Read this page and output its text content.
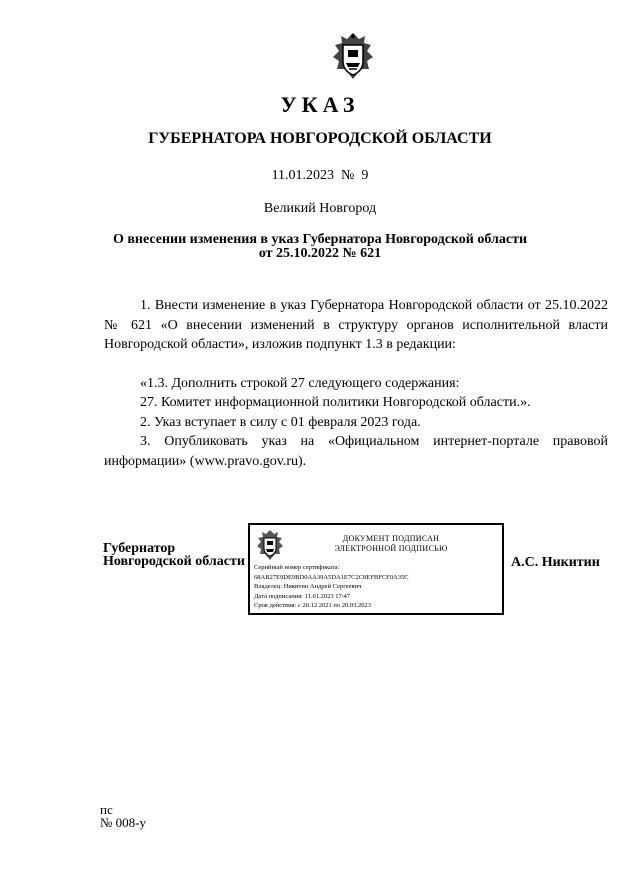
УКАЗ
ГУБЕРНАТОРА НОВГОРОДСКОЙ ОБЛАСТИ
11.01.2023  №  9
Великий Новгород
О внесении изменения в указ Губернатора Новгородской области
от 25.10.2022 № 621
1. Внести изменение в указ Губернатора Новгородской области от 25.10.2022 № 621 «О внесении изменений в структуру органов исполнительной власти Новгородской области», изложив подпункт 1.3 в редакции:
«1.3. Дополнить строкой 27 следующего содержания:
27. Комитет информационной политики Новгородской области.».
2. Указ вступает в силу с 01 февраля 2023 года.
3. Опубликовать указ на «Официальном интернет-портале правовой информации» (www.pravo.gov.ru).
Губернатор
Новгородской области
ДОКУМЕНТ ПОДПИСАН
ЭЛЕКТРОННОЙ ПОДПИСЬЮ
Серийный номер сертификата:
68AB27E9DE9BD0AA39A5DA1E7C2C8EFBFCF0A35C
Владелец: Никитин Андрей Сергеевич
Дата подписания: 11.01.2023 17:47
Срок действия: с 20.12.2021 по 20.03.2023
А.С. Никитин
пс
№ 008-у
